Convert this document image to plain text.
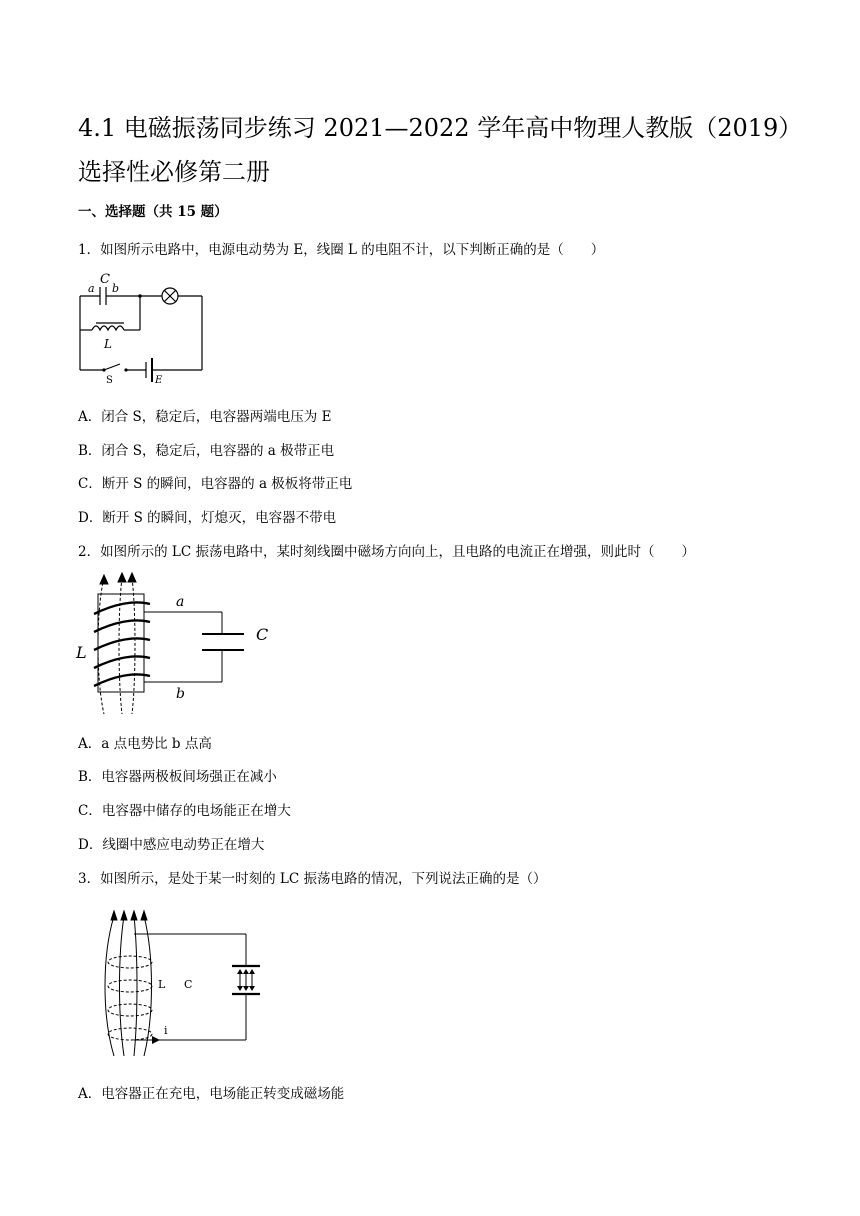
4.1 电磁振荡同步练习 2021—2022 学年高中物理人教版（2019）选择性必修第二册
一、选择题（共 15 题）
1．如图所示电路中，电源电动势为 E，线圈 L 的电阻不计，以下判断正确的是（　　）
C
a b
L
S	E
A．闭合 S，稳定后，电容器两端电压为 E
B．闭合 S，稳定后，电容器的 a 极带正电
C．断开 S 的瞬间，电容器的 a 极板将带正电
D．断开 S 的瞬间，灯熄灭，电容器不带电
2．如图所示的 LC 振荡电路中，某时刻线圈中磁场方向向上，且电路的电流正在增强，则此时（　　）
a
b
C
L
A．a 点电势比 b 点高
B．电容器两极板间场强正在减小
C．电容器中储存的电场能正在增大
D．线圈中感应电动势正在增大
3．如图所示，是处于某一时刻的 LC 振荡电路的情况，下列说法正确的是（）
L C
i
A．电容器正在充电，电场能正转变成磁场能
